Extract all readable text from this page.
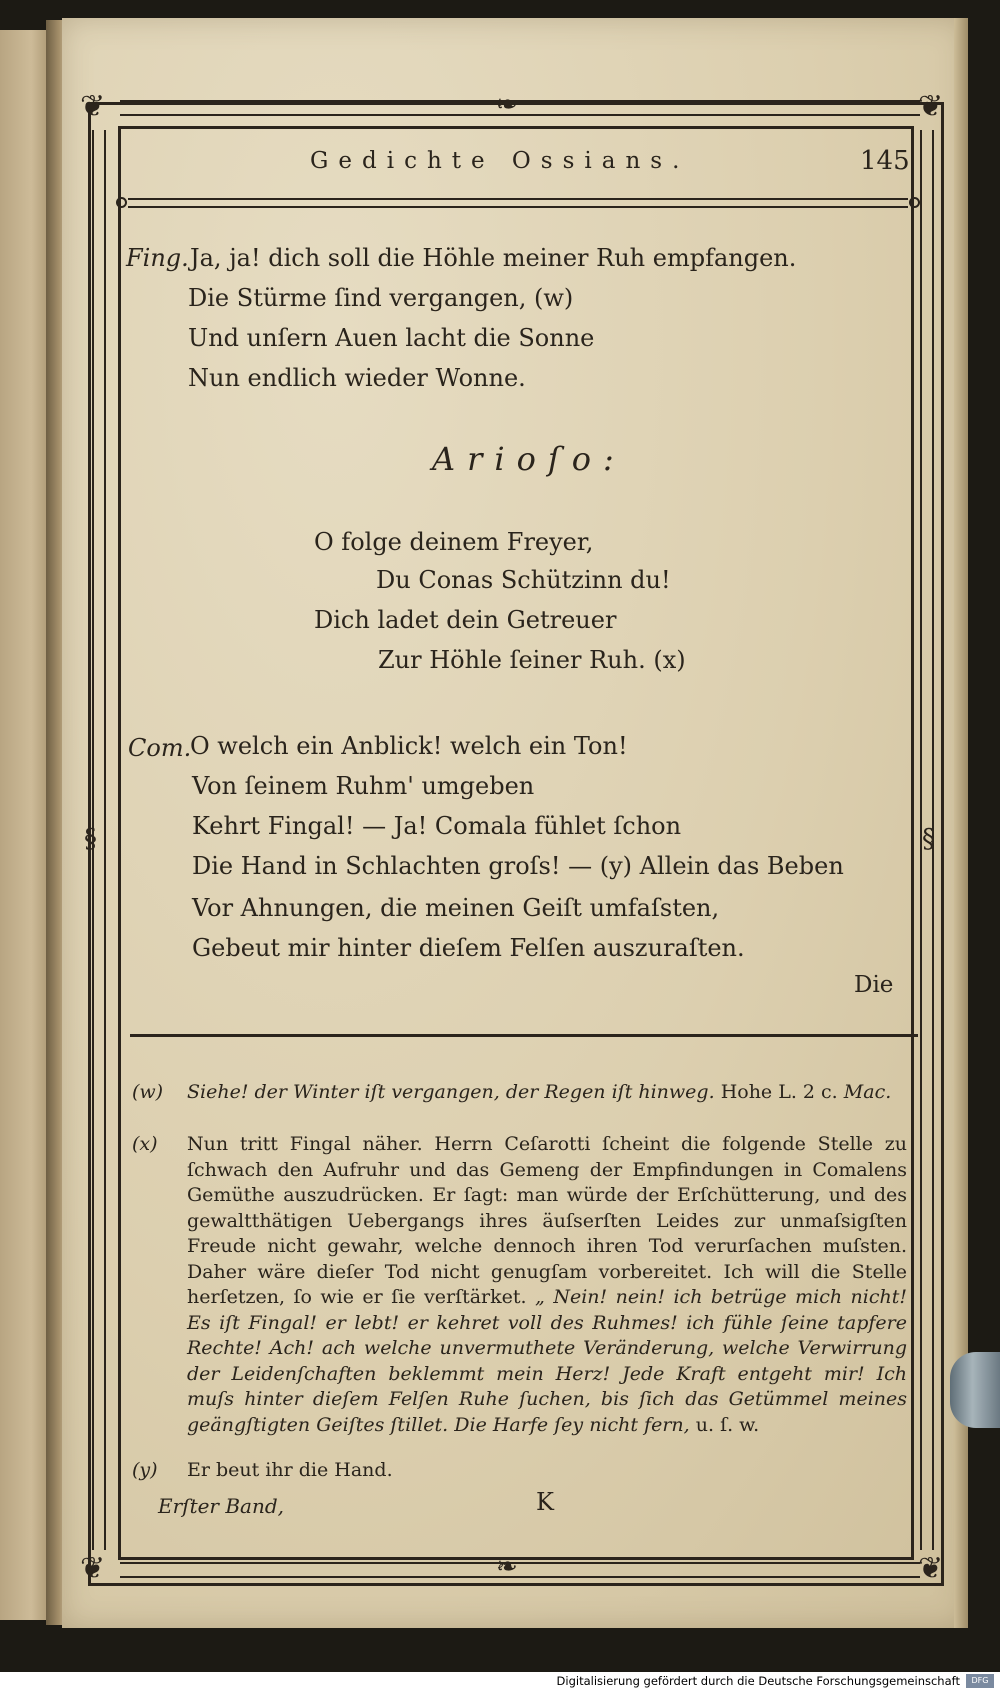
❦	❦
❦	❦
❧
❧
§	§
Gedichte Ossians.	145
Fing. Ja, ja! dich soll die Höhle meiner Ruh empfangen.
Die Stürme ſind vergangen, (w)
Und unſern Auen lacht die Sonne
Nun endlich wieder Wonne.
Arioſo:
O folge deinem Freyer,
Du Conas Schützinn du!
Dich ladet dein Getreuer
Zur Höhle ſeiner Ruh. (x)
Com.
O welch ein Anblick! welch ein Ton!
Von ſeinem Ruhm' umgeben
Kehrt Fingal! — Ja! Comala fühlet ſchon
Die Hand in Schlachten groſs! — (y) Allein das Beben
Vor Ahnungen, die meinen Geiſt umfaſsten,
Gebeut mir hinter dieſem Felſen auszuraſten.
Die
(w) Siehe! der Winter iſt vergangen, der Regen iſt hinweg. Hohe L. 2 c. Mac.
(x) Nun tritt Fingal näher. Herrn Ceſarotti ſcheint die folgende Stelle zu ſchwach den Aufruhr und das Gemeng der Empfindungen in Comalens Gemüthe auszudrücken. Er ſagt: man würde der Erſchütterung, und des gewaltthätigen Uebergangs ihres äuſserſten Leides zur unmaſsigſten Freude nicht gewahr, welche dennoch ihren Tod verurſachen muſsten. Daher wäre dieſer Tod nicht genugſam vorbereitet. Ich will die Stelle herſetzen, ſo wie er ſie verſtärket. „ Nein! nein! ich betrüge mich nicht! Es iſt Fingal! er lebt! er kehret voll des Ruhmes! ich fühle ſeine tapfere Rechte! Ach! ach welche unvermuthete Veränderung, welche Verwirrung der Leidenſchaften beklemmt mein Herz! Jede Kraft entgeht mir! Ich muſs hinter dieſem Felſen Ruhe ſuchen, bis ſich das Getümmel meines geängſtigten Geiſtes ſtillet. Die Harfe ſey nicht fern, u. ſ. w.
(y) Er beut ihr die Hand.
Erſter Band,	K
Digitalisierung gefördert durch die Deutsche Forschungsgemeinschaft	DFG
